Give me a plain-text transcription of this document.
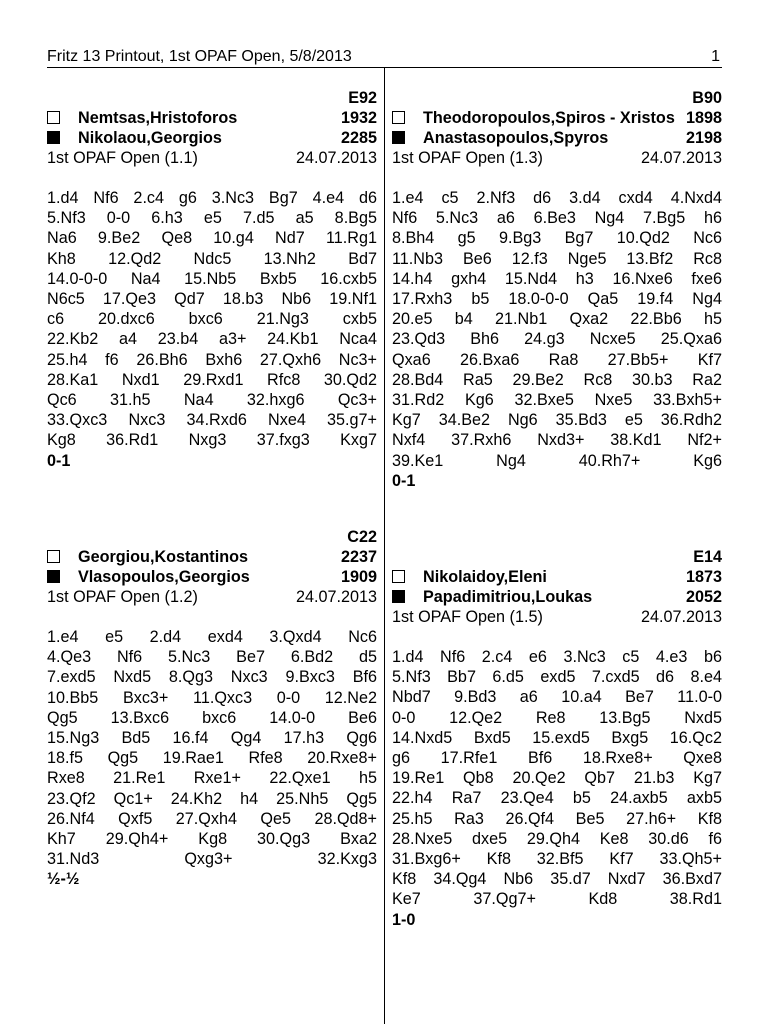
Fritz 13 Printout, 1st OPAF Open, 5/8/2013	1
E92
Nemtsas,Hristoforos	1932
Nikolaou,Georgios	2285
1st OPAF Open (1.1)	24.07.2013
1.d4 Nf6 2.c4 g6 3.Nc3 Bg7 4.e4 d6
5.Nf3 0-0 6.h3 e5 7.d5 a5 8.Bg5
Na6 9.Be2 Qe8 10.g4 Nd7 11.Rg1
Kh8 12.Qd2 Ndc5 13.Nh2 Bd7
14.0-0-0 Na4 15.Nb5 Bxb5 16.cxb5
N6c5 17.Qe3 Qd7 18.b3 Nb6 19.Nf1
c6 20.dxc6 bxc6 21.Ng3 cxb5
22.Kb2 a4 23.b4 a3+ 24.Kb1 Nca4
25.h4 f6 26.Bh6 Bxh6 27.Qxh6 Nc3+
28.Ka1 Nxd1 29.Rxd1 Rfc8 30.Qd2
Qc6 31.h5 Na4 32.hxg6 Qc3+
33.Qxc3 Nxc3 34.Rxd6 Nxe4 35.g7+
Kg8 36.Rd1 Nxg3 37.fxg3 Kxg7
0-1
B90
Theodoropoulos,Spiros - Xristos 1898
Anastasopoulos,Spyros	2198
1st OPAF Open (1.3)	24.07.2013
1.e4 c5 2.Nf3 d6 3.d4 cxd4 4.Nxd4
Nf6 5.Nc3 a6 6.Be3 Ng4 7.Bg5 h6
8.Bh4 g5 9.Bg3 Bg7 10.Qd2 Nc6
11.Nb3 Be6 12.f3 Nge5 13.Bf2 Rc8
14.h4 gxh4 15.Nd4 h3 16.Nxe6 fxe6
17.Rxh3 b5 18.0-0-0 Qa5 19.f4 Ng4
20.e5 b4 21.Nb1 Qxa2 22.Bb6 h5
23.Qd3 Bh6 24.g3 Ncxe5 25.Qxa6
Qxa6 26.Bxa6 Ra8 27.Bb5+ Kf7
28.Bd4 Ra5 29.Be2 Rc8 30.b3 Ra2
31.Rd2 Kg6 32.Bxe5 Nxe5 33.Bxh5+
Kg7 34.Be2 Ng6 35.Bd3 e5 36.Rdh2
Nxf4 37.Rxh6 Nxd3+ 38.Kd1 Nf2+
39.Ke1 Ng4 40.Rh7+ Kg6
0-1
C22
Georgiou,Kostantinos	2237
Vlasopoulos,Georgios	1909
1st OPAF Open (1.2)	24.07.2013
1.e4 e5 2.d4 exd4 3.Qxd4 Nc6
4.Qe3 Nf6 5.Nc3 Be7 6.Bd2 d5
7.exd5 Nxd5 8.Qg3 Nxc3 9.Bxc3 Bf6
10.Bb5 Bxc3+ 11.Qxc3 0-0 12.Ne2
Qg5 13.Bxc6 bxc6 14.0-0 Be6
15.Ng3 Bd5 16.f4 Qg4 17.h3 Qg6
18.f5 Qg5 19.Rae1 Rfe8 20.Rxe8+
Rxe8 21.Re1 Rxe1+ 22.Qxe1 h5
23.Qf2 Qc1+ 24.Kh2 h4 25.Nh5 Qg5
26.Nf4 Qxf5 27.Qxh4 Qe5 28.Qd8+
Kh7 29.Qh4+ Kg8 30.Qg3 Bxa2
31.Nd3 Qxg3+ 32.Kxg3
½-½
E14
Nikolaidoy,Eleni	1873
Papadimitriou,Loukas	2052
1st OPAF Open (1.5)	24.07.2013
1.d4 Nf6 2.c4 e6 3.Nc3 c5 4.e3 b6
5.Nf3 Bb7 6.d5 exd5 7.cxd5 d6 8.e4
Nbd7 9.Bd3 a6 10.a4 Be7 11.0-0
0-0 12.Qe2 Re8 13.Bg5 Nxd5
14.Nxd5 Bxd5 15.exd5 Bxg5 16.Qc2
g6 17.Rfe1 Bf6 18.Rxe8+ Qxe8
19.Re1 Qb8 20.Qe2 Qb7 21.b3 Kg7
22.h4 Ra7 23.Qe4 b5 24.axb5 axb5
25.h5 Ra3 26.Qf4 Be5 27.h6+ Kf8
28.Nxe5 dxe5 29.Qh4 Ke8 30.d6 f6
31.Bxg6+ Kf8 32.Bf5 Kf7 33.Qh5+
Kf8 34.Qg4 Nb6 35.d7 Nxd7 36.Bxd7
Ke7 37.Qg7+ Kd8 38.Rd1
1-0
